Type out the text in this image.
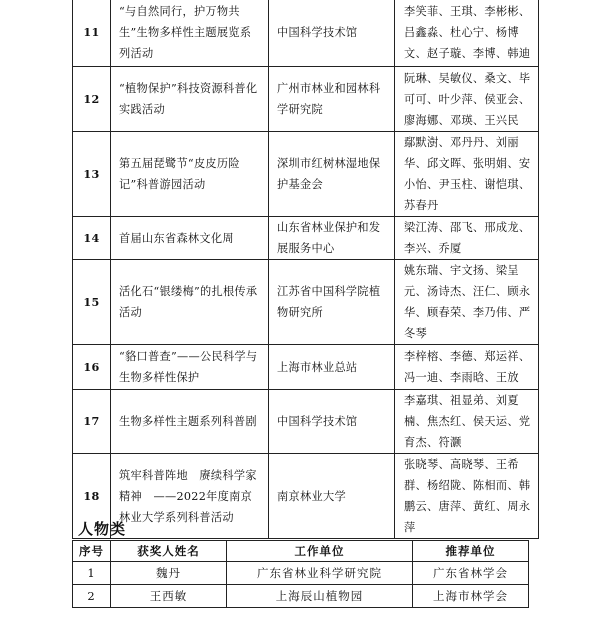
11	“与自然同行，护万物共生”生物多样性主题展览系列活动	中国科学技术馆	李笑菲、王琪、李彬彬、吕鑫淼、杜心宁、杨博文、赵子璇、李博、韩迪

12	“植物保护”科技资源科普化实践活动	广州市林业和园林科学研究院	阮琳、吴敏仪、桑文、毕可可、叶少萍、侯亚会、廖海娜、邓瑛、王兴民

13	第五届琵鹭节“皮皮历险记”科普游园活动	深圳市红树林湿地保护基金会	鄢默澍、邓丹丹、刘丽华、邱文晖、张明娟、安小怡、尹玉柱、谢恺琪、苏春丹

14	首届山东省森林文化周	山东省林业保护和发展服务中心	梁江涛、邵飞、邢成龙、李兴、乔厦

15	活化石“银缕梅”的扎根传承活动	江苏省中国科学院植物研究所	姚东瑞、宇文扬、梁呈元、汤诗杰、汪仁、顾永华、顾春荣、李乃伟、严冬琴

16	“貉口普查”——公民科学与生物多样性保护	上海市林业总站	李梓榕、李德、郑运祥、冯一迪、李雨晗、王放

17	生物多样性主题系列科普剧	中国科学技术馆	李嘉琪、祖显弟、刘夏楠、焦杰红、侯天运、党育杰、符灏

18	筑牢科普阵地　赓续科学家精神　——2022年度南京林业大学系列科普活动	南京林业大学	张晓琴、高晓琴、王希群、杨绍陇、陈相而、韩鹏云、唐萍、黄红、周永萍
人物类
序号	获奖人姓名	工作单位	推荐单位
1	魏丹	广东省林业科学研究院	广东省林学会
2	王西敏	上海辰山植物园	上海市林学会
